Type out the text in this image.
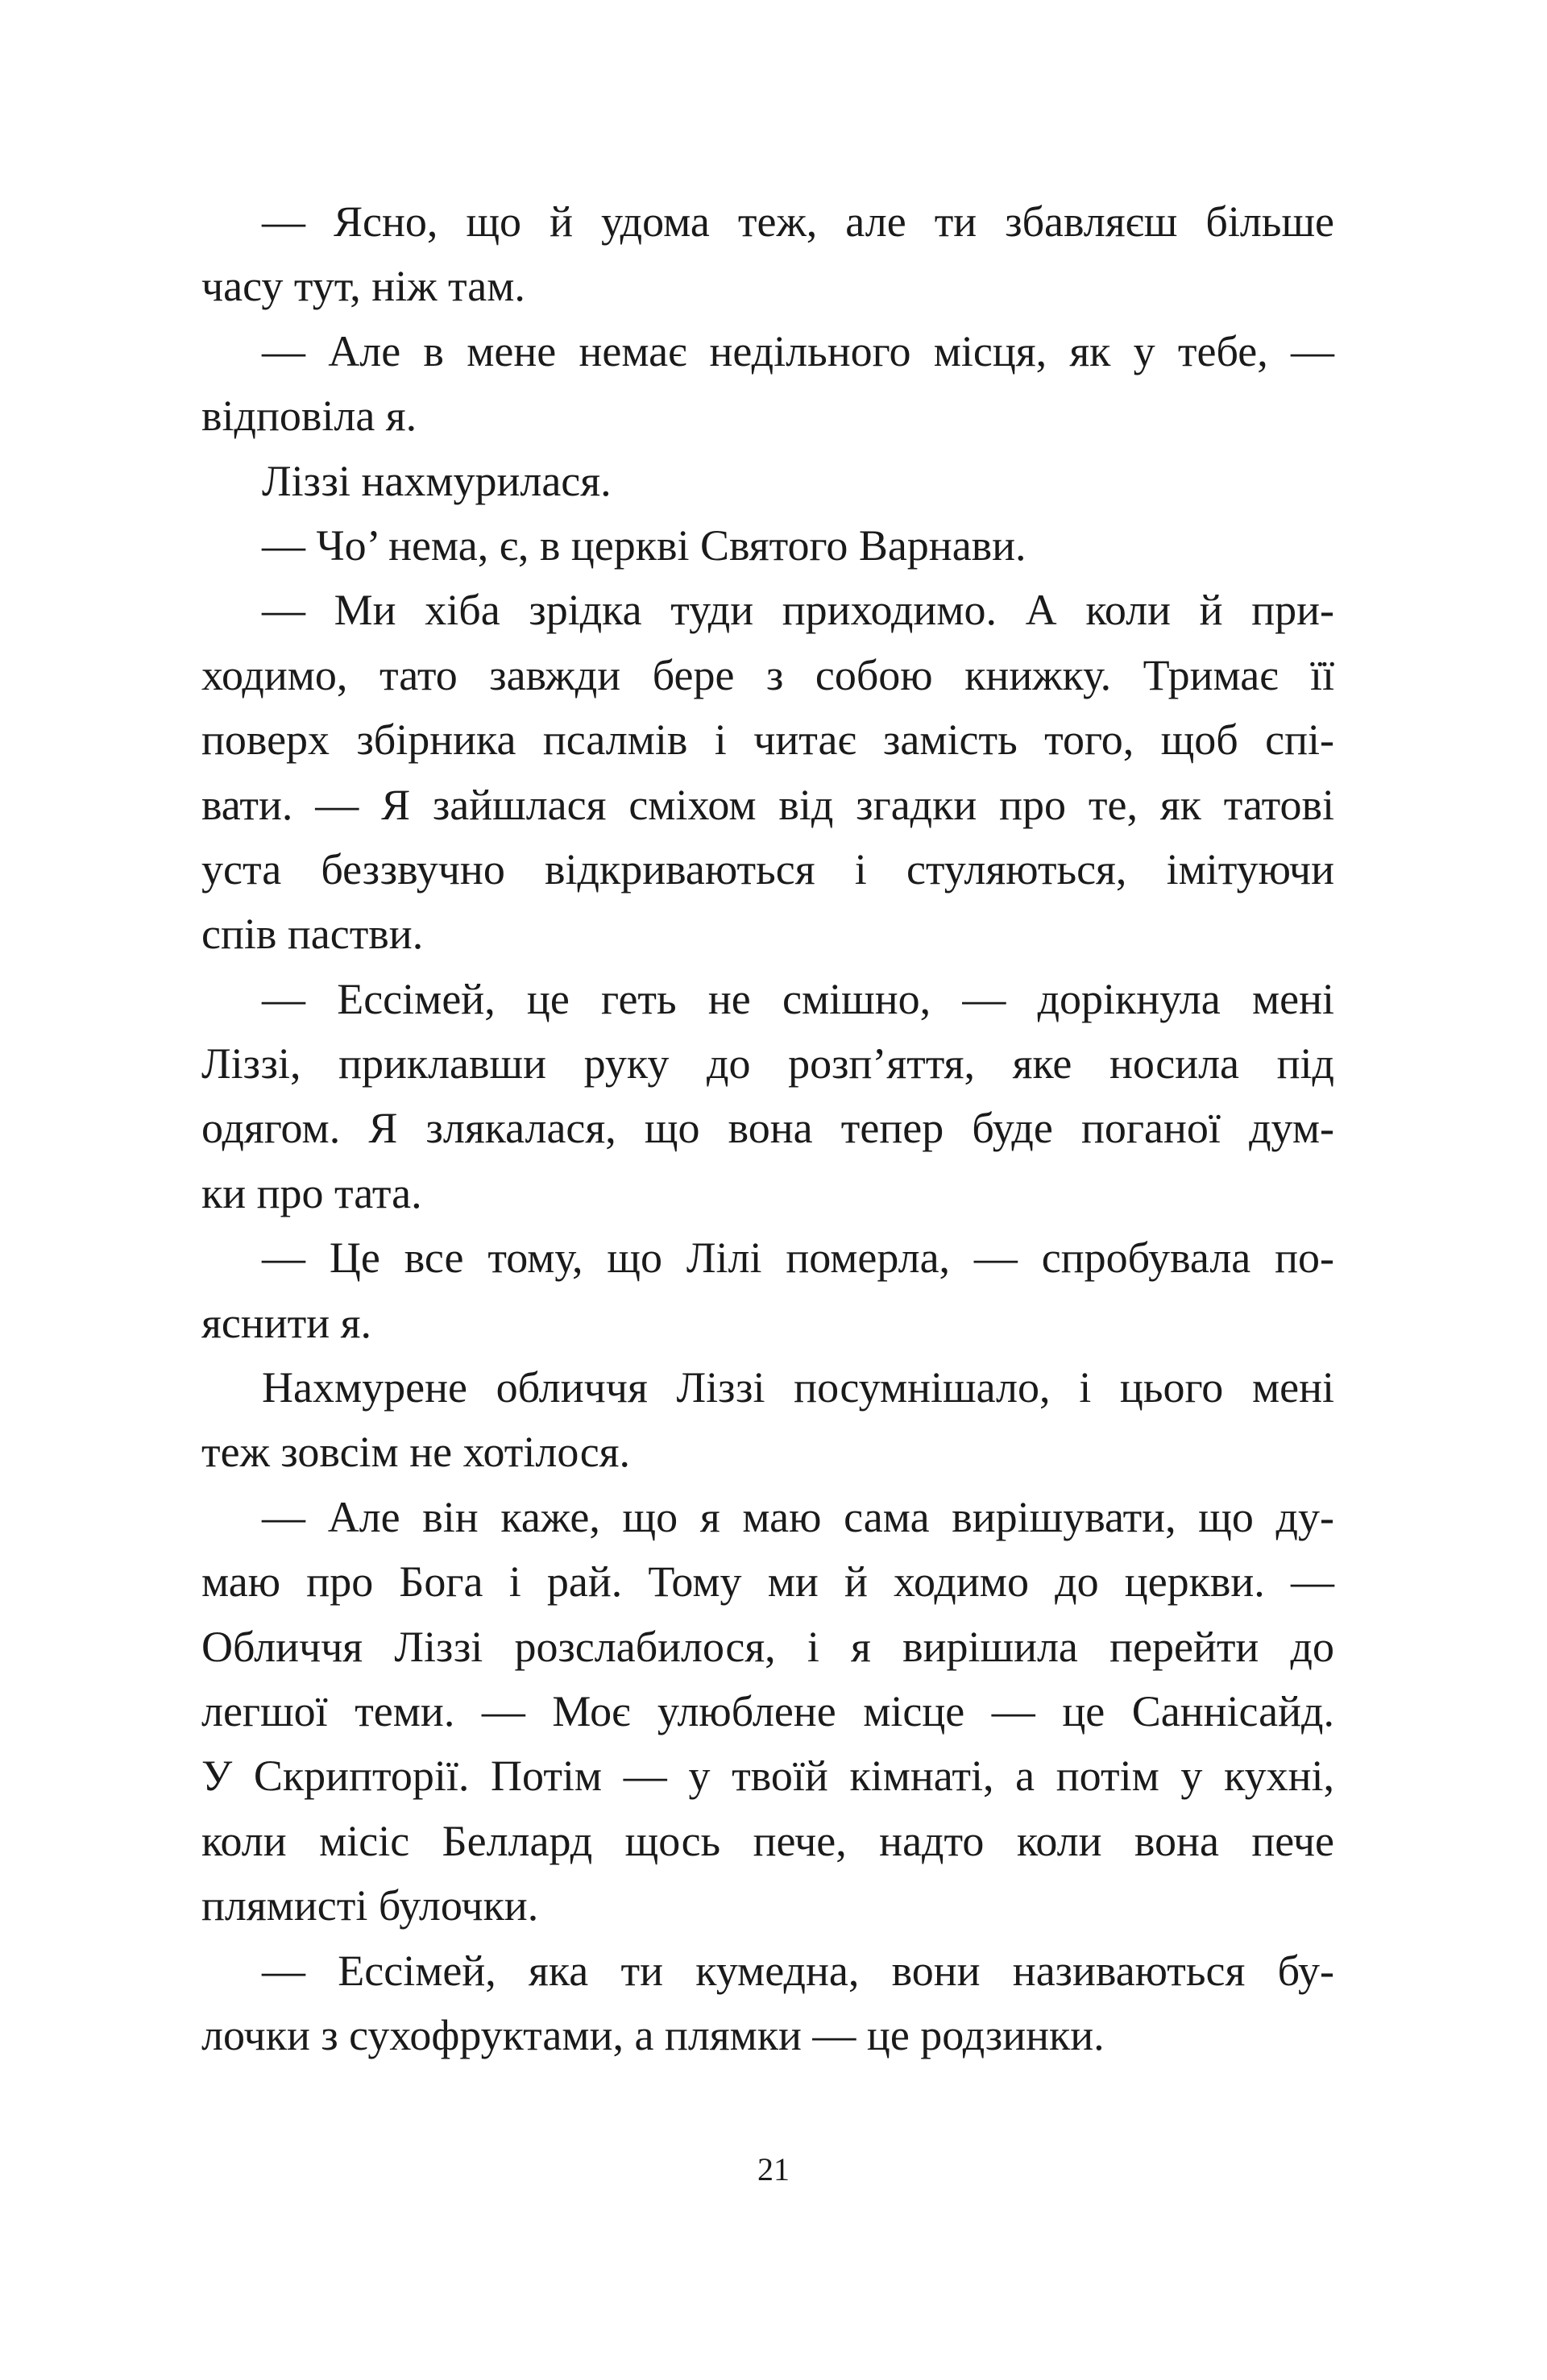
— Ясно, що й удома теж, але ти збавляєш більше
часу тут, ніж там.
— Але в мене немає недільного місця, як у тебе, —
відповіла я.
Ліззі нахмурилася.
— Чо’ нема, є, в церкві Святого Варнави.
— Ми хіба зрідка туди приходимо. А коли й при-
ходимо, тато завжди бере з собою книжку. Тримає її
поверх збірника псалмів і читає замість того, щоб спі-
вати. — Я зайшлася сміхом від згадки про те, як татові
уста беззвучно відкриваються і стуляються, імітуючи
спів пастви.
— Ессімей, це геть не смішно, — дорікнула мені
Ліззі, приклавши руку до розп’яття, яке носила під
одягом. Я злякалася, що вона тепер буде поганої дум-
ки про тата.
— Це все тому, що Лілі померла, — спробувала по-
яснити я.
Нахмурене обличчя Ліззі посумнішало, і цього мені
теж зовсім не хотілося.
— Але він каже, що я маю сама вирішувати, що ду-
маю про Бога і рай. Тому ми й ходимо до церкви. —
Обличчя Ліззі розслабилося, і я вирішила перейти до
легшої теми. — Моє улюблене місце — це Саннісайд.
У Скрипторії. Потім — у твоїй кімнаті, а потім у кухні,
коли місіс Беллард щось пече, надто коли вона пече
плямисті булочки.
— Ессімей, яка ти кумедна, вони називаються бу-
лочки з сухофруктами, а плямки — це родзинки.
21
